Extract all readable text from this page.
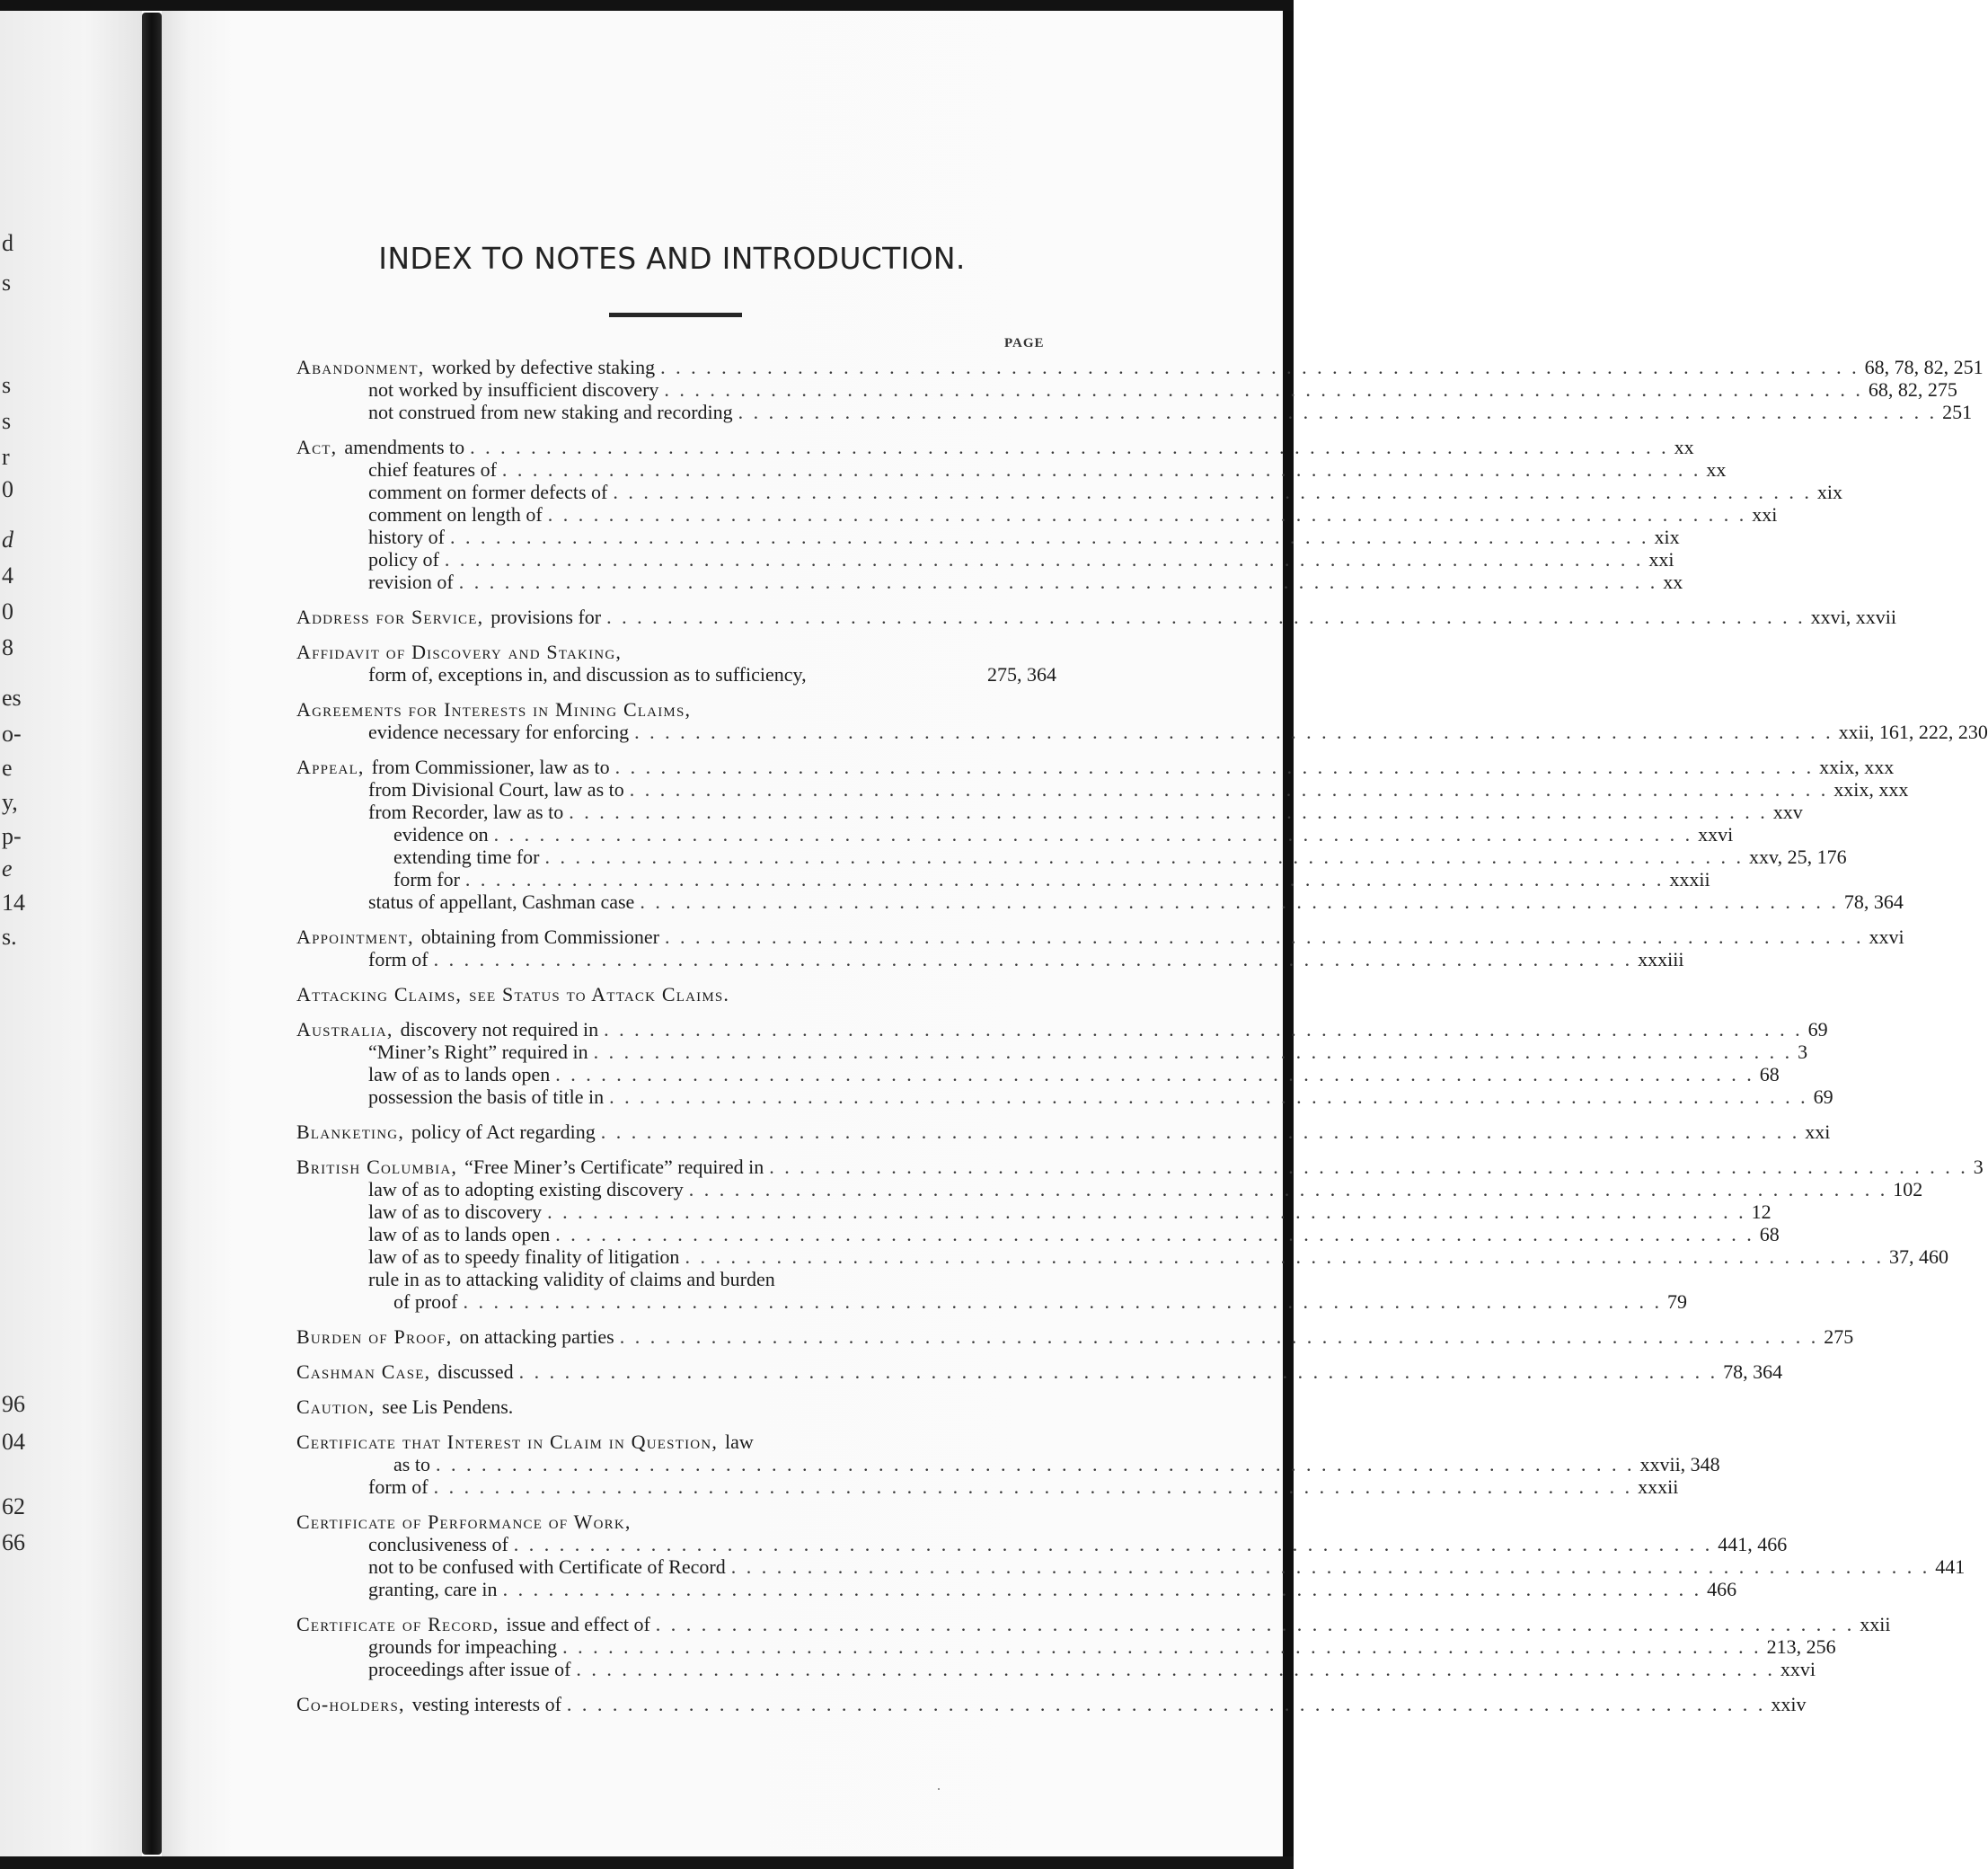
d
s
s
s
r
0
d
4
0
8
es
o-
e
y,
p-
e
14
s.
96
04
62
66
INDEX TO NOTES AND INTRODUCTION.
PAGE
Abandonment, worked by defective staking . . . . . . . . . . . . . . . . . . . . . . . . . . . . . . . . . . . . . . . . . . . . . . . . . . . . . . . . . . . . . . . . . . . . . . . . . . . . . . . 68, 78, 82, 251
not worked by insufficient discovery . . . . . . . . . . . . . . . . . . . . . . . . . . . . . . . . . . . . . . . . . . . . . . . . . . . . . . . . . . . . . . . . . . . . . . . . . . . . . . . 68, 82, 275
not construed from new staking and recording . . . . . . . . . . . . . . . . . . . . . . . . . . . . . . . . . . . . . . . . . . . . . . . . . . . . . . . . . . . . . . . . . . . . . . . . . . . . . . . 251
Act, amendments to . . . . . . . . . . . . . . . . . . . . . . . . . . . . . . . . . . . . . . . . . . . . . . . . . . . . . . . . . . . . . . . . . . . . . . . . . . . . . . . xx
chief features of . . . . . . . . . . . . . . . . . . . . . . . . . . . . . . . . . . . . . . . . . . . . . . . . . . . . . . . . . . . . . . . . . . . . . . . . . . . . . . . xx
comment on former defects of . . . . . . . . . . . . . . . . . . . . . . . . . . . . . . . . . . . . . . . . . . . . . . . . . . . . . . . . . . . . . . . . . . . . . . . . . . . . . . . xix
comment on length of . . . . . . . . . . . . . . . . . . . . . . . . . . . . . . . . . . . . . . . . . . . . . . . . . . . . . . . . . . . . . . . . . . . . . . . . . . . . . . . xxi
history of . . . . . . . . . . . . . . . . . . . . . . . . . . . . . . . . . . . . . . . . . . . . . . . . . . . . . . . . . . . . . . . . . . . . . . . . . . . . . . . xix
policy of . . . . . . . . . . . . . . . . . . . . . . . . . . . . . . . . . . . . . . . . . . . . . . . . . . . . . . . . . . . . . . . . . . . . . . . . . . . . . . . xxi
revision of . . . . . . . . . . . . . . . . . . . . . . . . . . . . . . . . . . . . . . . . . . . . . . . . . . . . . . . . . . . . . . . . . . . . . . . . . . . . . . . xx
Address for Service, provisions for . . . . . . . . . . . . . . . . . . . . . . . . . . . . . . . . . . . . . . . . . . . . . . . . . . . . . . . . . . . . . . . . . . . . . . . . . . . . . . . xxvi, xxvii
Affidavit of Discovery and Staking,
form of, exceptions in, and discussion as to sufficiency,	275, 364
Agreements for Interests in Mining Claims,
evidence necessary for enforcing . . . . . . . . . . . . . . . . . . . . . . . . . . . . . . . . . . . . . . . . . . . . . . . . . . . . . . . . . . . . . . . . . . . . . . . . . . . . . . . xxii, 161, 222, 230
Appeal, from Commissioner, law as to . . . . . . . . . . . . . . . . . . . . . . . . . . . . . . . . . . . . . . . . . . . . . . . . . . . . . . . . . . . . . . . . . . . . . . . . . . . . . . . xxix, xxx
from Divisional Court, law as to . . . . . . . . . . . . . . . . . . . . . . . . . . . . . . . . . . . . . . . . . . . . . . . . . . . . . . . . . . . . . . . . . . . . . . . . . . . . . . . xxix, xxx
from Recorder, law as to . . . . . . . . . . . . . . . . . . . . . . . . . . . . . . . . . . . . . . . . . . . . . . . . . . . . . . . . . . . . . . . . . . . . . . . . . . . . . . . xxv
evidence on . . . . . . . . . . . . . . . . . . . . . . . . . . . . . . . . . . . . . . . . . . . . . . . . . . . . . . . . . . . . . . . . . . . . . . . . . . . . . . . xxvi
extending time for . . . . . . . . . . . . . . . . . . . . . . . . . . . . . . . . . . . . . . . . . . . . . . . . . . . . . . . . . . . . . . . . . . . . . . . . . . . . . . . xxv, 25, 176
form for . . . . . . . . . . . . . . . . . . . . . . . . . . . . . . . . . . . . . . . . . . . . . . . . . . . . . . . . . . . . . . . . . . . . . . . . . . . . . . . xxxii
status of appellant, Cashman case . . . . . . . . . . . . . . . . . . . . . . . . . . . . . . . . . . . . . . . . . . . . . . . . . . . . . . . . . . . . . . . . . . . . . . . . . . . . . . . 78, 364
Appointment, obtaining from Commissioner . . . . . . . . . . . . . . . . . . . . . . . . . . . . . . . . . . . . . . . . . . . . . . . . . . . . . . . . . . . . . . . . . . . . . . . . . . . . . . . xxvi
form of . . . . . . . . . . . . . . . . . . . . . . . . . . . . . . . . . . . . . . . . . . . . . . . . . . . . . . . . . . . . . . . . . . . . . . . . . . . . . . . xxxiii
Attacking Claims, see Status to Attack Claims.
Australia, discovery not required in . . . . . . . . . . . . . . . . . . . . . . . . . . . . . . . . . . . . . . . . . . . . . . . . . . . . . . . . . . . . . . . . . . . . . . . . . . . . . . . 69
“Miner’s Right” required in . . . . . . . . . . . . . . . . . . . . . . . . . . . . . . . . . . . . . . . . . . . . . . . . . . . . . . . . . . . . . . . . . . . . . . . . . . . . . . . 3
law of as to lands open . . . . . . . . . . . . . . . . . . . . . . . . . . . . . . . . . . . . . . . . . . . . . . . . . . . . . . . . . . . . . . . . . . . . . . . . . . . . . . . 68
possession the basis of title in . . . . . . . . . . . . . . . . . . . . . . . . . . . . . . . . . . . . . . . . . . . . . . . . . . . . . . . . . . . . . . . . . . . . . . . . . . . . . . . 69
Blanketing, policy of Act regarding . . . . . . . . . . . . . . . . . . . . . . . . . . . . . . . . . . . . . . . . . . . . . . . . . . . . . . . . . . . . . . . . . . . . . . . . . . . . . . . xxi
British Columbia, “Free Miner’s Certificate” required in . . . . . . . . . . . . . . . . . . . . . . . . . . . . . . . . . . . . . . . . . . . . . . . . . . . . . . . . . . . . . . . . . . . . . . . . . . . . . . . 3
law of as to adopting existing discovery . . . . . . . . . . . . . . . . . . . . . . . . . . . . . . . . . . . . . . . . . . . . . . . . . . . . . . . . . . . . . . . . . . . . . . . . . . . . . . . 102
law of as to discovery . . . . . . . . . . . . . . . . . . . . . . . . . . . . . . . . . . . . . . . . . . . . . . . . . . . . . . . . . . . . . . . . . . . . . . . . . . . . . . . 12
law of as to lands open . . . . . . . . . . . . . . . . . . . . . . . . . . . . . . . . . . . . . . . . . . . . . . . . . . . . . . . . . . . . . . . . . . . . . . . . . . . . . . . 68
law of as to speedy finality of litigation . . . . . . . . . . . . . . . . . . . . . . . . . . . . . . . . . . . . . . . . . . . . . . . . . . . . . . . . . . . . . . . . . . . . . . . . . . . . . . . 37, 460
rule in as to attacking validity of claims and burden
of proof . . . . . . . . . . . . . . . . . . . . . . . . . . . . . . . . . . . . . . . . . . . . . . . . . . . . . . . . . . . . . . . . . . . . . . . . . . . . . . . 79
Burden of Proof, on attacking parties . . . . . . . . . . . . . . . . . . . . . . . . . . . . . . . . . . . . . . . . . . . . . . . . . . . . . . . . . . . . . . . . . . . . . . . . . . . . . . . 275
Cashman Case, discussed . . . . . . . . . . . . . . . . . . . . . . . . . . . . . . . . . . . . . . . . . . . . . . . . . . . . . . . . . . . . . . . . . . . . . . . . . . . . . . . 78, 364
Caution, see Lis Pendens.
Certificate that Interest in Claim in Question, law
as to . . . . . . . . . . . . . . . . . . . . . . . . . . . . . . . . . . . . . . . . . . . . . . . . . . . . . . . . . . . . . . . . . . . . . . . . . . . . . . . xxvii, 348
form of . . . . . . . . . . . . . . . . . . . . . . . . . . . . . . . . . . . . . . . . . . . . . . . . . . . . . . . . . . . . . . . . . . . . . . . . . . . . . . . xxxii
Certificate of Performance of Work,
conclusiveness of . . . . . . . . . . . . . . . . . . . . . . . . . . . . . . . . . . . . . . . . . . . . . . . . . . . . . . . . . . . . . . . . . . . . . . . . . . . . . . . 441, 466
not to be confused with Certificate of Record . . . . . . . . . . . . . . . . . . . . . . . . . . . . . . . . . . . . . . . . . . . . . . . . . . . . . . . . . . . . . . . . . . . . . . . . . . . . . . . 441
granting, care in . . . . . . . . . . . . . . . . . . . . . . . . . . . . . . . . . . . . . . . . . . . . . . . . . . . . . . . . . . . . . . . . . . . . . . . . . . . . . . . 466
Certificate of Record, issue and effect of . . . . . . . . . . . . . . . . . . . . . . . . . . . . . . . . . . . . . . . . . . . . . . . . . . . . . . . . . . . . . . . . . . . . . . . . . . . . . . . xxii
grounds for impeaching . . . . . . . . . . . . . . . . . . . . . . . . . . . . . . . . . . . . . . . . . . . . . . . . . . . . . . . . . . . . . . . . . . . . . . . . . . . . . . . 213, 256
proceedings after issue of . . . . . . . . . . . . . . . . . . . . . . . . . . . . . . . . . . . . . . . . . . . . . . . . . . . . . . . . . . . . . . . . . . . . . . . . . . . . . . . xxvi
Co-holders, vesting interests of . . . . . . . . . . . . . . . . . . . . . . . . . . . . . . . . . . . . . . . . . . . . . . . . . . . . . . . . . . . . . . . . . . . . . . . . . . . . . . . xxiv
